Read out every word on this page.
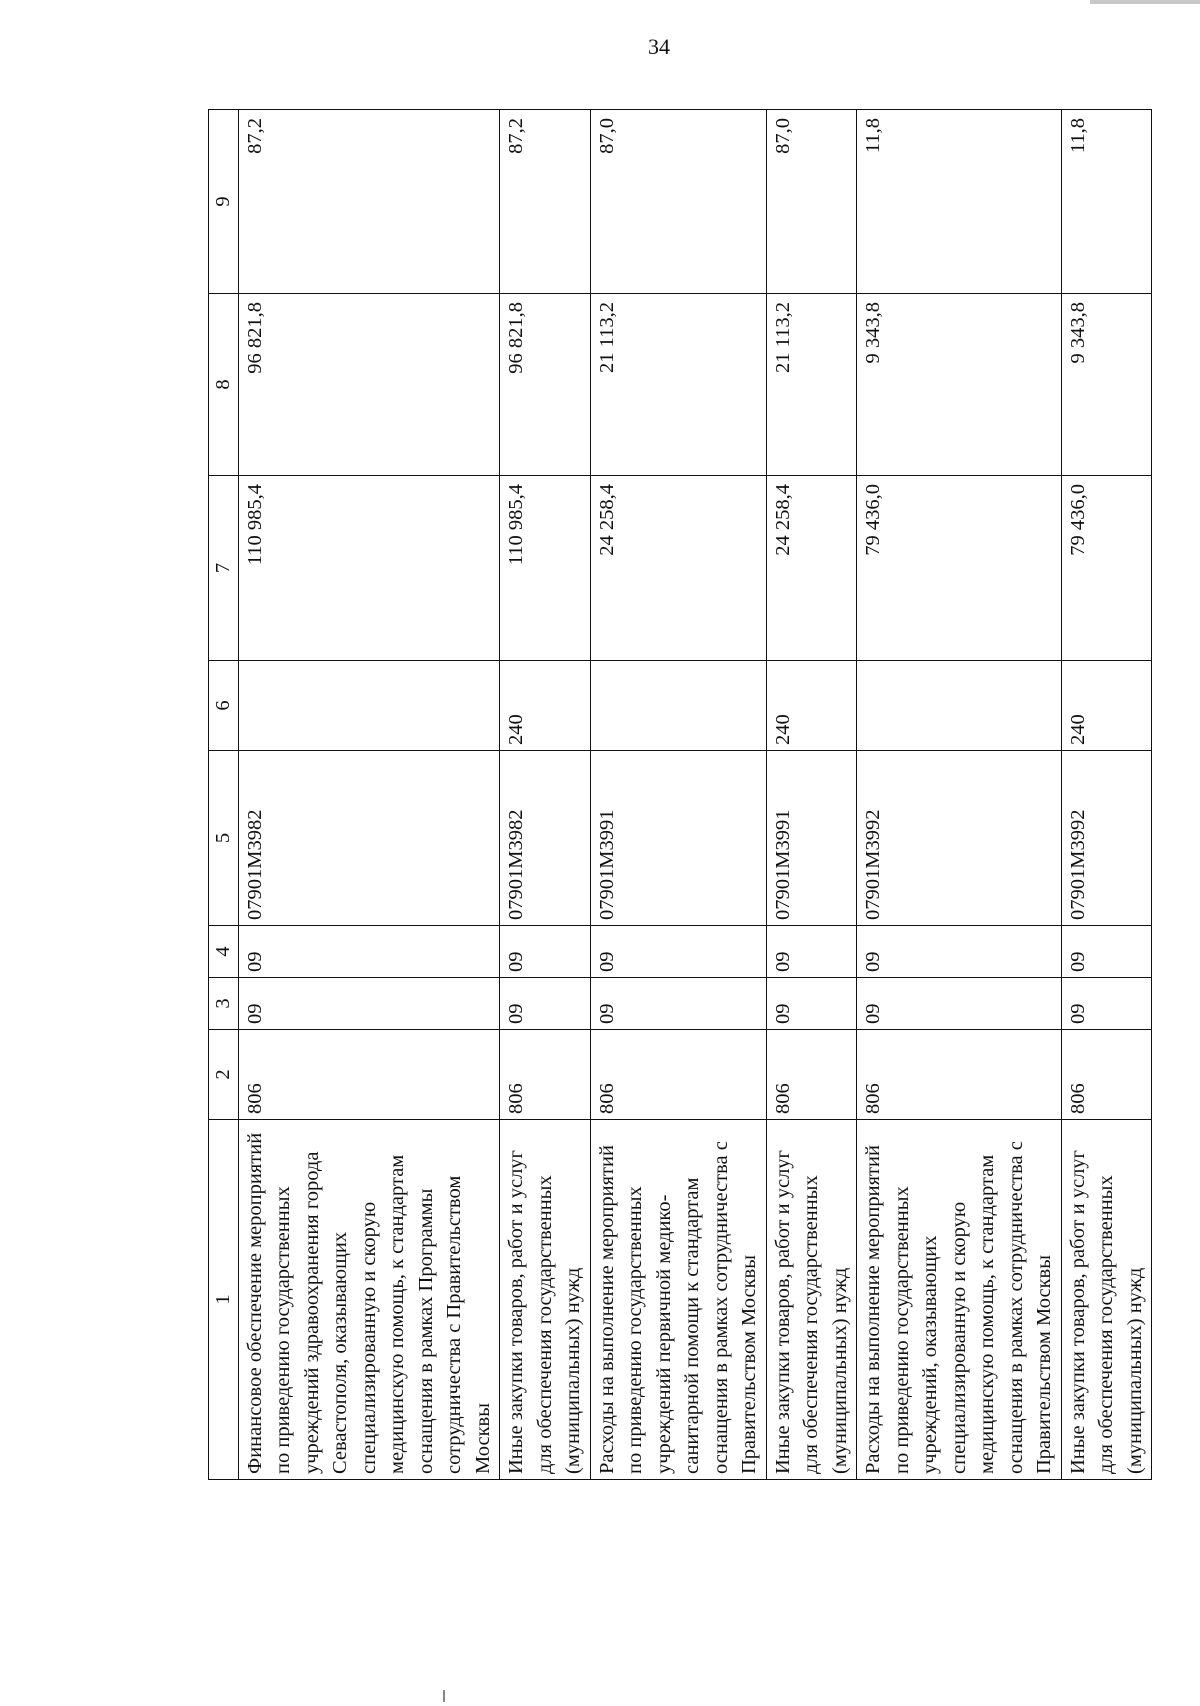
34
1	2	3	4	5	6	7	8	9
Финансовое обеспечение мероприятий по приведению государственных учреждений здравоохранения города Севастополя, оказывающих специализированную и скорую медицинскую помощь, к стандартам оснащения в рамках Программы сотрудничества с Правительством Москвы	806	09	09	07901М3982		110 985,4	96 821,8	87,2
Иные закупки товаров, работ и услуг для обеспечения государственных (муниципальных) нужд	806	09	09	07901М3982	240	110 985,4	96 821,8	87,2
Расходы на выполнение мероприятий по приведению государственных учреждений первичной медико-санитарной помощи к стандартам оснащения в рамках сотрудничества с Правительством Москвы	806	09	09	07901М3991		24 258,4	21 113,2	87,0
Иные закупки товаров, работ и услуг для обеспечения государственных (муниципальных) нужд	806	09	09	07901М3991	240	24 258,4	21 113,2	87,0
Расходы на выполнение мероприятий по приведению государственных учреждений, оказывающих специализированную и скорую медицинскую помощь, к стандартам оснащения в рамках сотрудничества с Правительством Москвы	806	09	09	07901М3992		79 436,0	9 343,8	11,8
Иные закупки товаров, работ и услуг для обеспечения государственных (муниципальных) нужд	806	09	09	07901М3992	240	79 436,0	9 343,8	11,8
